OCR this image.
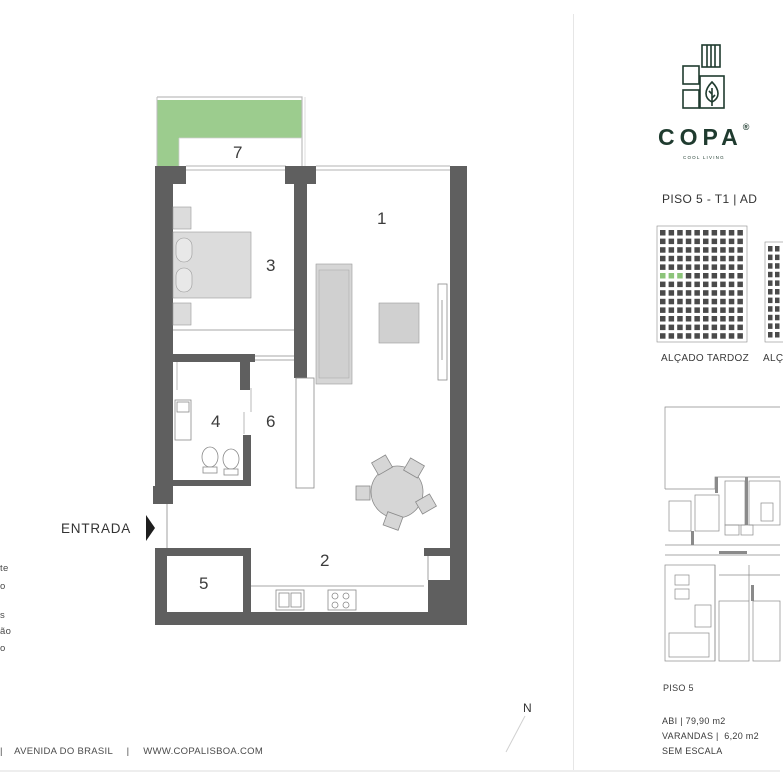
1
2
3
4
5
6
7
ENTRADA
N
te
o
s
ão
o
| AVENIDA DO BRASIL | WWW.COPALISBOA.COM
COPA®
COOL LIVING
PISO 5 - T1 | AD
ALÇADO TARDOZ ALÇ
PISO 5
ABI | 79,90 m2
VARANDAS |  6,20 m2
SEM ESCALA
